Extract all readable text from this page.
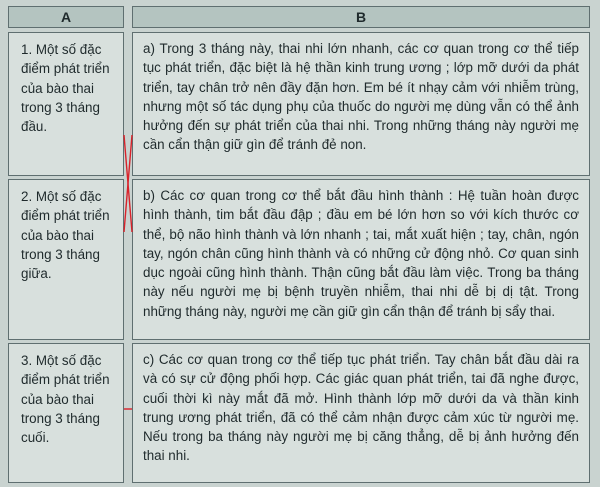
A	B
1. Một số đặc điểm phát triển của bào thai trong 3 tháng đầu.
2. Một số đặc điểm phát triển của bào thai trong 3 tháng giữa.
3. Một số đặc điểm phát triển của bào thai trong 3 tháng cuối.
a) Trong 3 tháng này, thai nhi lớn nhanh, các cơ quan trong cơ thể tiếp tục phát triển, đặc biệt là hệ thần kinh trung ương ; lớp mỡ dưới da phát triển, tay chân trở nên đầy đặn hơn. Em bé ít nhạy cảm với nhiễm trùng, nhưng một số tác dụng phụ của thuốc do người mẹ dùng vẫn có thể ảnh hưởng đến sự phát triển của thai nhi. Trong những tháng này người mẹ cần cẩn thận giữ gìn để tránh đẻ non.
b) Các cơ quan trong cơ thể bắt đầu hình thành : Hệ tuần hoàn được hình thành, tim bắt đầu đập ; đầu em bé lớn hơn so với kích thước cơ thể, bộ não hình thành và lớn nhanh ; tai, mắt xuất hiện ; tay, chân, ngón tay, ngón chân cũng hình thành và có những cử động nhỏ. Cơ quan sinh dục ngoài cũng hình thành. Thận cũng bắt đầu làm việc. Trong ba tháng này nếu người mẹ bị bệnh truyền nhiễm, thai nhi dễ bị dị tật. Trong những tháng này, người mẹ cần giữ gìn cẩn thận để tránh bị sẩy thai.
c) Các cơ quan trong cơ thể tiếp tục phát triển. Tay chân bắt đầu dài ra và có sự cử động phối hợp. Các giác quan phát triển, tai đã nghe được, cuối thời kì này mắt đã mở. Hình thành lớp mỡ dưới da và thần kinh trung ương phát triển, đã có thể cảm nhận được cảm xúc từ người mẹ. Nếu trong ba tháng này người mẹ bị căng thẳng, dễ bị ảnh hưởng đến thai nhi.
